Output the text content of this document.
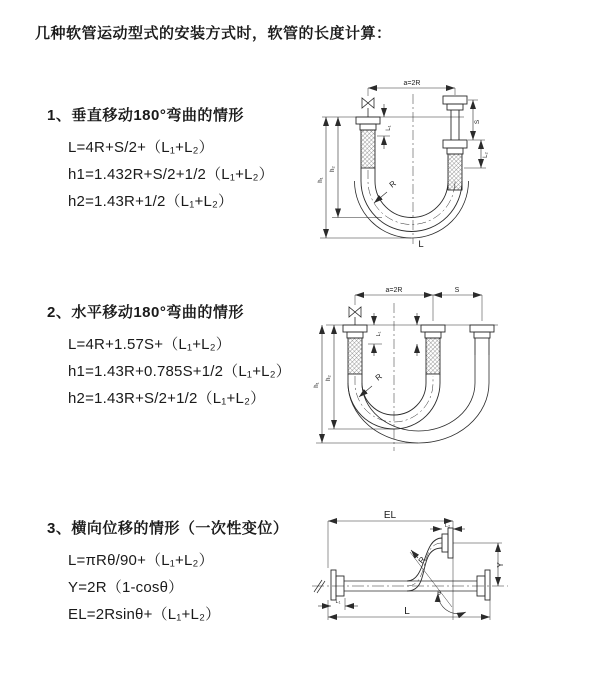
几种软管运动型式的安装方式时，软管的长度计算：
1、垂直移动180°弯曲的情形
L=4R+S/2+（L₁+L₂）
h1=1.432R+S/2+1/2（L₁+L₂）
h2=1.43R+1/2（L₁+L₂）
2、水平移动180°弯曲的情形
L=4R+1.57S+（L₁+L₂）
h1=1.43R+0.785S+1/2（L₁+L₂）
h2=1.43R+S/2+1/2（L₁+L₂）
3、横向位移的情形（一次性变位）
L=πRθ/90+（L₁+L₂）
Y=2R（1-cosθ）
EL=2Rsinθ+（L₁+L₂）
a=2R
L₁
S
L₂
R
L
h₁
h₂
a=2R	S
L₁
R
h₁
h₂
EL
L₂
Y
R
θ
L
L₁
